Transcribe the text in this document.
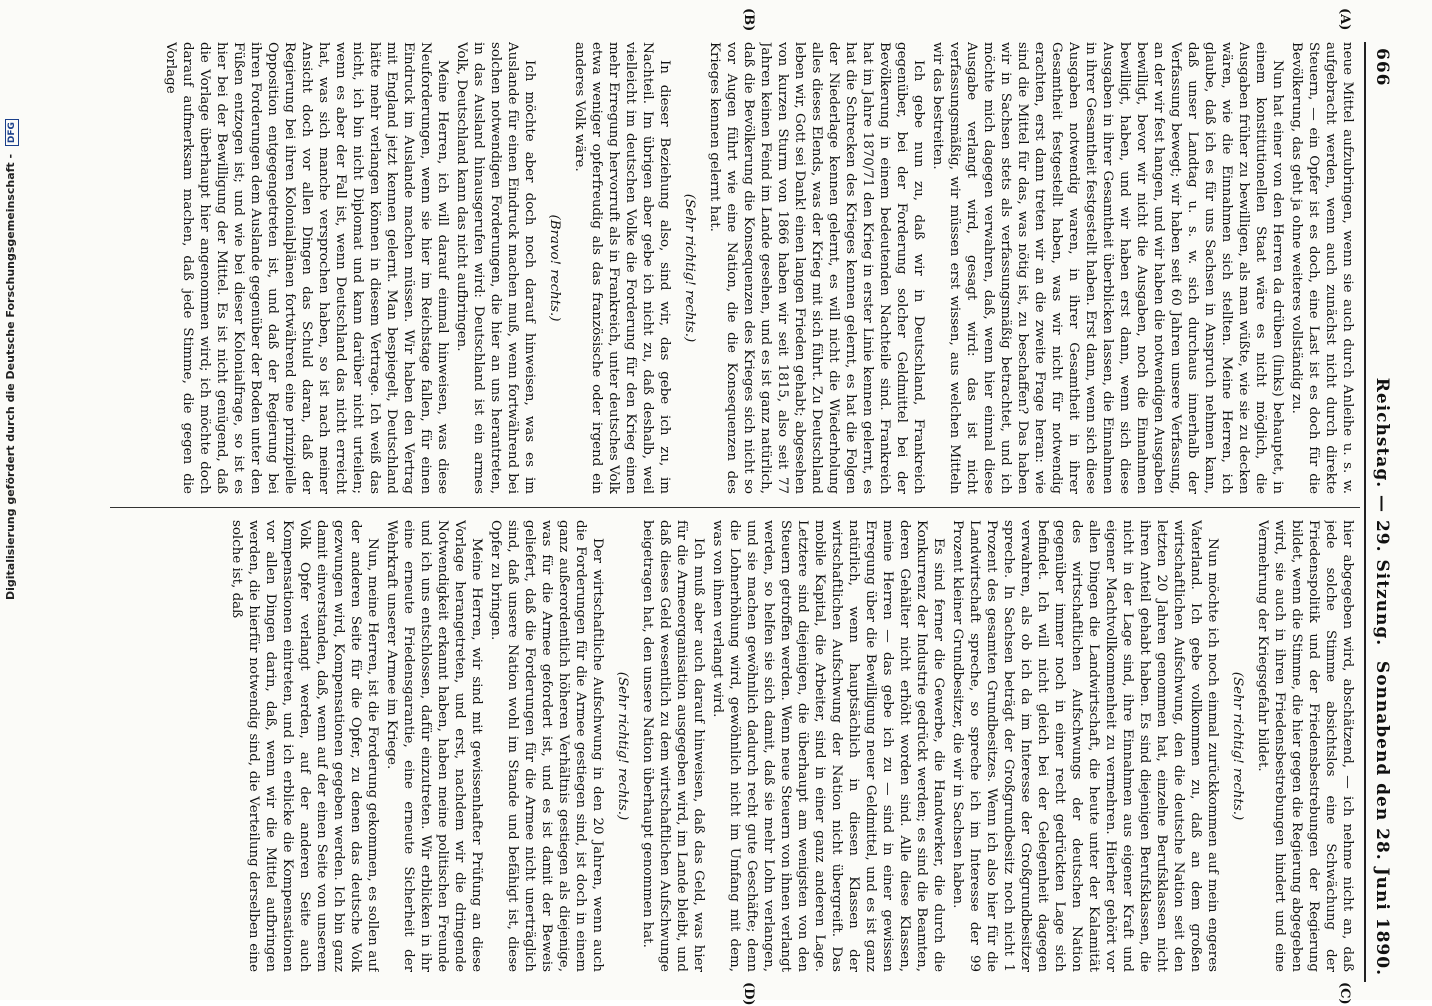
666
Reichstag. — 29. Sitzung.
Sonnabend den 28. Juni 1890.
(A)
(B)
(C)
(D)

neue Mittel aufzubringen, wenn sie auch durch Anleihe u. s. w. aufgebracht werden, wenn auch zunächst nicht durch direkte Steuern, — ein Opfer ist es doch, eine Last ist es doch für die Bevölkerung, das geht ja ohne weiteres vollständig zu.

Nun hat einer von den Herren da drüben (links) behauptet, in einem konstitutionellen Staat wäre es nicht möglich, die Ausgaben früher zu bewilligen, als man wüßte, wie sie zu decken wären, wie die Einnahmen sich stellten. Meine Herren, ich glaube, daß ich es für uns Sachsen in Anspruch nehmen kann, daß unser Landtag u. s. w. sich durchaus innerhalb der Verfassung bewegt; wir haben seit 60 Jahren unsere Verfassung, an der wir fest hangen, und wir haben die notwendigen Ausgaben bewilligt, bevor wir nicht die Ausgaben, noch die Einnahmen bewilligt, haben, und wir haben erst dann, wenn sich diese Ausgaben in ihrer Gesamtheit überblicken lassen, die Einnahmen in ihrer Gesamtheit festgestellt haben. Erst dann, wenn sich diese Ausgaben notwendig waren, in ihrer Gesamtheit in ihrer Gesamtheit festgestellt haben, was wir nicht für notwendig erachten, erst dann treten wir an die zweite Frage heran: wie sind die Mittel für das, was nötig ist, zu beschaffen? Das haben wir in Sachsen stets als verfassungsmäßig betrachtet, und ich möchte mich dagegen verwahren, daß, wenn hier einmal diese Ausgabe verlangt wird, gesagt wird: das ist nicht verfassungsmäßig, wir müssen erst wissen, aus welchen Mitteln wir das bestreiten.

Ich gebe nun zu, daß wir in Deutschland, Frankreich gegenüber, bei der Forderung solcher Geldmittel bei der Bevölkerung in einem bedeutenden Nachteile sind. Frankreich hat im Jahre 1870/71 den Krieg in erster Linie kennen gelernt, es hat die Schrecken des Krieges kennen gelernt, es hat die Folgen der Niederlage kennen gelernt, es will nicht die Wiederholung alles dieses Elends, was der Krieg mit sich führt. Zu Deutschland leben wir, Gott sei Dank! einen langen Frieden gehabt; abgesehen von kurzen Sturm von 1866 haben wir seit 1815, also seit 77 Jahren keinen Feind im Lande gesehen, und es ist ganz natürlich, daß die Bevölkerung die Konsequenzen des Krieges sich nicht so vor Augen führt wie eine Nation, die die Konsequenzen des Krieges kennen gelernt hat.

(Sehr richtig! rechts.)

In dieser Beziehung also, sind wir, das gebe ich zu, im Nachteil. Im übrigen aber gebe ich nicht zu, daß deshalb, weil vielleicht im deutschen Volke die Forderung für den Krieg einen mehr Erregung hervorruft als in Frankreich, unter deutsches Volk etwa weniger opferfreudig als das französische oder irgend ein anderes Volk wäre.

(Bravo! rechts.)

Ich möchte aber doch noch darauf hinweisen, was es im Auslande für einen Eindruck machen muß, wenn fortwährend bei solchen notwendigen Forderungen, die hier an uns herantreten, in das Ausland hinausgerufen wird: Deutschland ist ein armes Volk, Deutschland kann das nicht aufbringen.

Meine Herren, ich will darauf einmal hinweisen, was diese Neuforderungen, wenn sie hier im Reichstage fallen, für einen Eindruck im Auslande machen müssen. Wir haben den Vertrag mit England jetzt kennen gelernt. Man bespiegelt, Deutschland hätte mehr verlangen können in diesem Vertrage. Ich weiß das nicht, ich bin nicht Diplomat und kann darüber nicht urteilen; wenn es aber der Fall ist, wenn Deutschland das nicht erreicht hat, was sich manche versprochen haben, so ist nach meiner Ansicht doch vor allen Dingen das Schuld daran, daß der Regierung bei ihren Kolonialplänen fortwährend eine prinzipielle Opposition entgegengetreten ist, und daß der Regierung bei ihren Forderungen dem Auslande gegenüber der Boden unter den Füßen entzogen ist; und wie bei dieser Kolonialfrage, so ist es hier bei der Bewilligung der Mittel. Es ist nicht genügend, daß die Vorlage überhaupt hier angenommen wird; ich möchte doch darauf aufmerksam machen, daß jede Stimme, die gegen die Vorlage

hier abgegeben wird, abschätzend, — ich nehme nicht an, daß jede solche Stimme absichtslos eine Schwächung der Friedenspolitik und der Friedensbestrebungen der Regierung bildet, wenn die Stimme, die hier gegen die Regierung abgegeben wird, sie auch in ihren Friedensbestrebungen hindert und eine Vermehrung der Kriegsgefahr bildet.

(Sehr richtig! rechts.)

Nun möchte ich noch einmal zurückkommen auf mein engeres Vaterland. Ich gebe vollkommen zu, daß an dem großen wirtschaftlichen Aufschwung, den die deutsche Nation seit den letzten 20 Jahren genommen hat, einzelne Berufsklassen nicht ihren Anteil gehabt haben. Es sind diejenigen Berufsklassen, die nicht in der Lage sind, ihre Einnahmen aus eigener Kraft und eigener Machtvollkommenheit zu vermehren. Hierher gehört vor allen Dingen die Landwirtschaft, die heute unter der Kalamität des wirtschaftlichen Aufschwungs der deutschen Nation gegenüber immer noch in einer recht gedrückten Lage sich befindet. Ich will nicht gleich bei der Gelegenheit dagegen verwahren, als ob ich da im Interesse der Großgrundbesitzer spreche. In Sachsen beträgt der Großgrundbesitz noch nicht 1 Prozent des gesamten Grundbesitzes. Wenn ich also hier für die Landwirtschaft spreche, so spreche ich im Interesse der 99 Prozent kleiner Grundbesitzer, die wir in Sachsen haben.

Es sind ferner die Gewerbe, die Handwerker, die durch die Konkurrenz der Industrie gedrückt werden; es sind die Beamten, deren Gehälter nicht erhöht worden sind. Alle diese Klassen, meine Herren — das gebe ich zu — sind in einer gewissen Erregung über die Bewilligung neuer Geldmittel, und es ist ganz natürlich, wenn hauptsächlich in diesen Klassen der wirtschaftlichen Aufschwung der Nation nicht übergreift. Das mobile Kapital, die Arbeiter, sind in einer ganz anderen Lage. Letztere sind diejenigen, die überhaupt am wenigsten von den Steuern getroffen werden. Wenn neue Steuern von ihnen verlangt werden, so helfen sie sich damit, daß sie mehr Lohn verlangen, und sie machen gewöhnlich dadurch recht gute Geschäfte; denn die Lohnerhöhung wird, gewöhnlich nicht im Umfang mit dem, was von ihnen verlangt wird.

Ich muß aber auch darauf hinweisen, daß das Geld, was hier für die Armeeorganisation ausgegeben wird, im Lande bleibt, und daß dieses Geld wesentlich zu dem wirtschaftlichen Aufschwunge beigetragen hat, den unsere Nation überhaupt genommen hat.

(Sehr richtig! rechts.)

Der wirtschaftliche Aufschwung in den 20 Jahren, wenn auch die Forderungen für die Armee gestiegen sind, ist doch in einem ganz außerordentlich höheren Verhältnis gestiegen als diejenige, was für die Armee gefordert ist, und es ist damit der Beweis geliefert, daß die Forderungen für die Armee nicht unerträglich sind, daß unsere Nation wohl im Stande und befähigt ist, diese Opfer zu bringen.

Meine Herren, wir sind mit gewissenhafter Prüfung an diese Vorlage herangetreten, und erst, nachdem wir die dringende Notwendigkeit erkannt haben, haben meine politischen Freunde und ich uns entschlossen, dafür einzutreten. Wir erblicken in ihr eine erneute Friedensgarantie, eine erneute Sicherheit der Wehrkraft unserer Armee im Kriege.

Nun, meine Herren, ist die Forderung gekommen, es sollen auf der anderen Seite für die Opfer, zu denen das deutsche Volk gezwungen wird, Kompensationen gegeben werden. Ich bin ganz damit einverstanden, daß, wenn auf der einen Seite von unserem Volk Opfer verlangt werden, auf der anderen Seite auch Kompensationen eintreten, und ich erblicke die Kompensationen vor allen Dingen darin, daß, wenn wir die Mittel aufbringen werden, die hierfür notwendig sind, die Verteilung derselben eine solche ist, daß

Digitalisierung gefördert durch die Deutsche Forschungsgemeinschaft - DFG
